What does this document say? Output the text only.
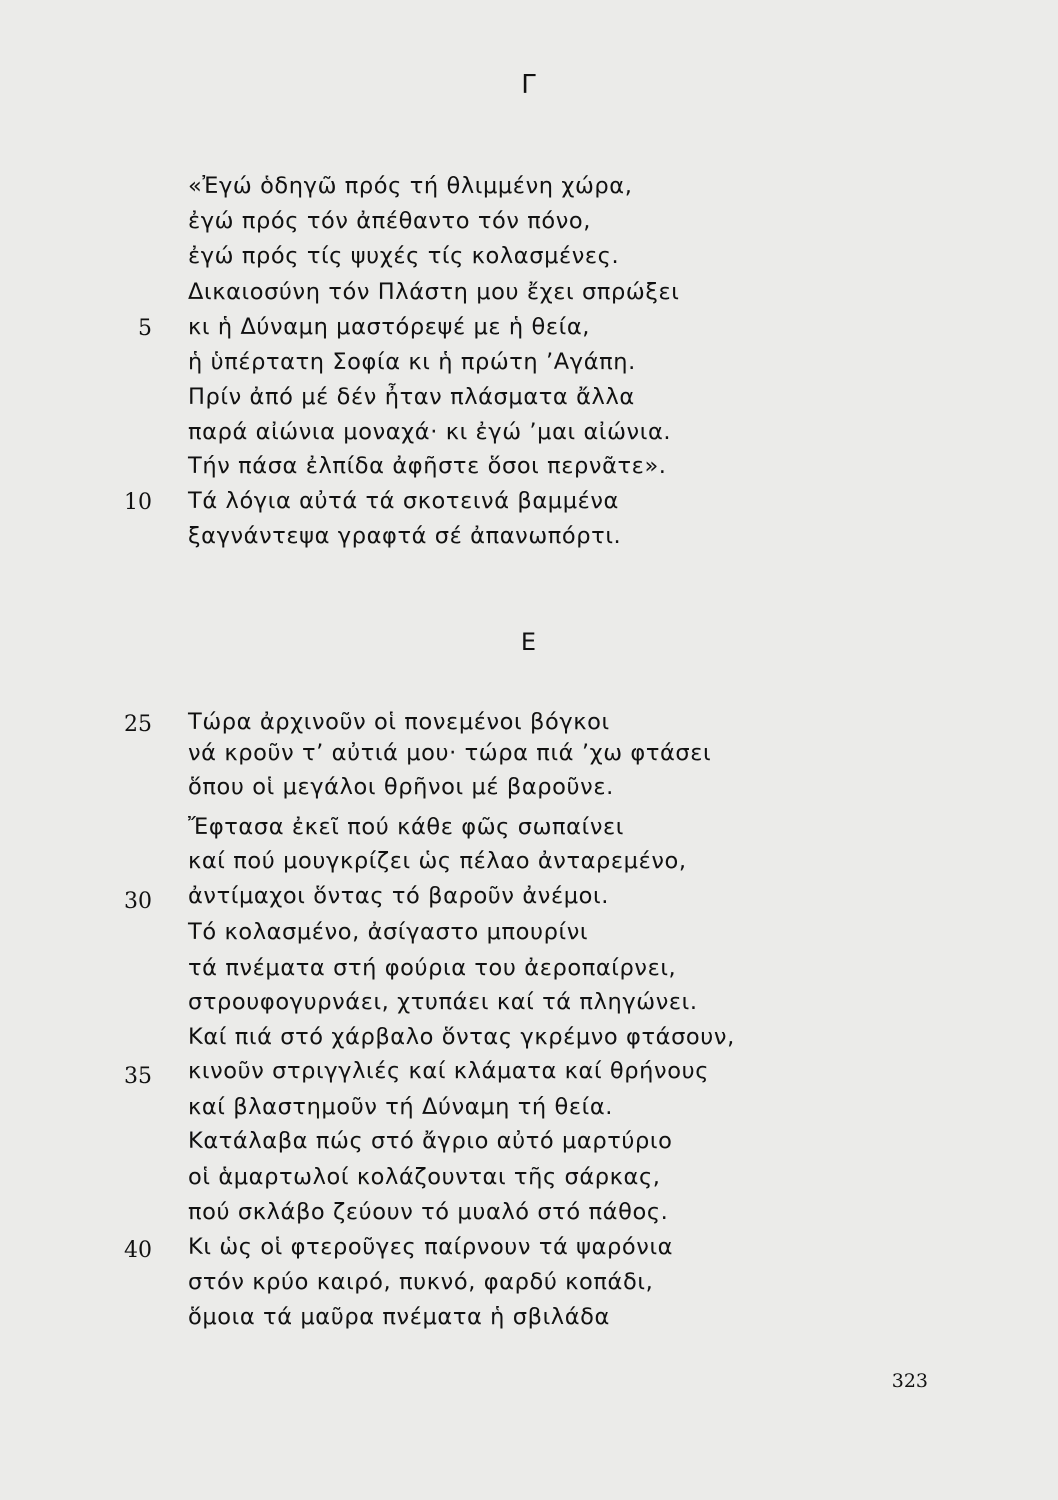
Γ
«Ἐγώ ὁδηγῶ πρός τή θλιμμένη χώρα,
ἐγώ πρός τόν ἀπέθαντο τόν πόνο,
ἐγώ πρός τίς ψυχές τίς κολασμένες.
Δικαιοσύνη τόν Πλάστη μου ἔχει σπρώξει
5 κι ἡ Δύναμη μαστόρεψέ με ἡ θεία,
ἡ ὑπέρτατη Σοφία κι ἡ πρώτη ’Αγάπη.
Πρίν ἀπό μέ δέν ἦταν πλάσματα ἄλλα
παρά αἰώνια μοναχά· κι ἐγώ ’μαι αἰώνια.
Τήν πάσα ἐλπίδα ἀφῆστε ὅσοι περνᾶτε».
10 Τά λόγια αὐτά τά σκοτεινά βαμμένα
ξαγνάντεψα γραφτά σέ ἀπανωπόρτι.
Ε
25 Τώρα ἀρχινοῦν οἱ πονεμένοι βόγκοι
νά κροῦν τ’ αὐτιά μου· τώρα πιά ’χω φτάσει
ὅπου οἱ μεγάλοι θρῆνοι μέ βαροῦνε.
Ἔφτασα ἐκεῖ πού κάθε φῶς σωπαίνει
καί πού μουγκρίζει ὡς πέλαο ἀνταρεμένο,
30 ἀντίμαχοι ὅντας τό βαροῦν ἀνέμοι.
Τό κολασμένο, ἀσίγαστο μπουρίνι
τά πνέματα στή φούρια του ἀεροπαίρνει,
στρουφογυρνάει, χτυπάει καί τά πληγώνει.
Καί πιά στό χάρβαλο ὅντας γκρέμνο φτάσουν,
35 κινοῦν στριγγλιές καί κλάματα καί θρήνους
καί βλαστημοῦν τή Δύναμη τή θεία.
Κατάλαβα πώς στό ἄγριο αὐτό μαρτύριο
οἱ ἁμαρτωλοί κολάζουνται τῆς σάρκας,
πού σκλάβο ζεύουν τό μυαλό στό πάθος.
40 Κι ὡς οἱ φτεροῦγες παίρνουν τά ψαρόνια
στόν κρύο καιρό, πυκνό, φαρδύ κοπάδι,
ὅμοια τά μαῦρα πνέματα ἡ σβιλάδα
323
